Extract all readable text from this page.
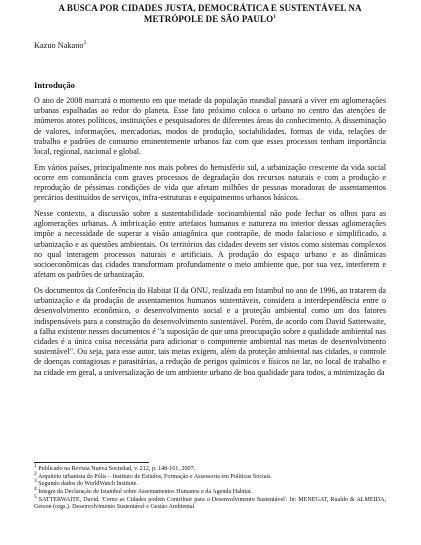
A BUSCA POR CIDADES JUSTA, DEMOCRÁTICA E SUSTENTÁVEL NA METRÓPOLE DE SÃO PAULO$^1$
Kazuo Nakano$^2$
Introdução

O ano de 2008 marcará o momento em que metade da população mundial passará a viver em aglomerações urbanas espalhadas ao redor do planeta. Esse fato próximo coloca o urbano no centro das atenções de inúmeros atores políticos, instituições e pesquisadores de diferentes áreas do conhecimento. A disseminação de valores, informações, mercadorias, modos de produção, sociabilidades, formas de vida, relações de trabalho e padrões de consumo eminentemente urbanos faz com que esses processos tenham importância local, regional, nacional e global.

Em vários países, principalmente nos mais pobres do hemisfério sul, a urbanização crescente da vida social ocorre em consonância com graves processos de degradação dos recursos naturais e com a produção e reprodução de péssimas condições de vida que afetam milhões de pessoas moradoras de assentamentos precários destituídos de serviços, infra-estruturas e equipamentos urbanos básicos.

Nesse contexto, a discussão sobre a sustentabilidade socioambiental não pode fechar os olhos para as aglomerações urbanas. A imbricação entre artefatos humanos e natureza no interior dessas aglomerações impõe a necessidade de superar a visão antagônica que contrapõe, de modo falacioso e simplificado, a urbanização e as questões ambientais. Os territórios das cidades devem ser vistos como sistemas complexos no qual interagem processos naturais e artificiais. A produção do espaço urbano e as dinâmicas socioeconômicas das cidades transformam profundamente o meio ambiente que, por sua vez, interferem e afetam os padrões de urbanização.

Os documentos da Conferência do Habitat II da ONU, realizada em Istambul no ano de 1996, ao tratarem da urbanização e da produção de assentamentos humanos sustentáveis, considera a interdependência entre o desenvolvimento econômico, o desenvolvimento social e a proteção ambiental como um dos fatores indispensáveis para a construção do desenvolvimento sustentável. Porém, de acordo com David Satterwaite, a falha existente nesses documentos é "a suposição de que uma preocupação sobre a qualidade ambiental nas cidades é a única coisa necessária para adicionar o componente ambiental nas metas de desenvolvimento sustentável". Ou seja, para esse autor, tais metas exigem, além da proteção ambiental nas cidades, o controle de doenças contagiosas e parasitárias, a redução de perigos químicos e físicos no lar, no local de trabalho e na cidade em geral, a universalização de um ambiente urbano de boa qualidade para todos, a minimização da

$^1$ Publicado na Revista Nueva Sociedad, v. 212, p. 148-161, 2007.

$^2$ Arquiteto urbanista do Pólis – Instituto de Estudos, Formação e Assessoria em Políticas Sociais.

$^3$ Segundo dados do WorldWatch Institute.

$^4$ Íntegra da Declaração de Istambul sobre Assentamentos Humanos e da Agenda Habitat.

$^5$ SATTERWAITE, David. 'Como as Cidades podem Contribuir para o Desenvolvimento Sustentável'. In: MENEGAT, Rualdo & ALMEIDA, Gerson (orgs.). Desenvolvimento Sustentável e Gestão Ambiental
